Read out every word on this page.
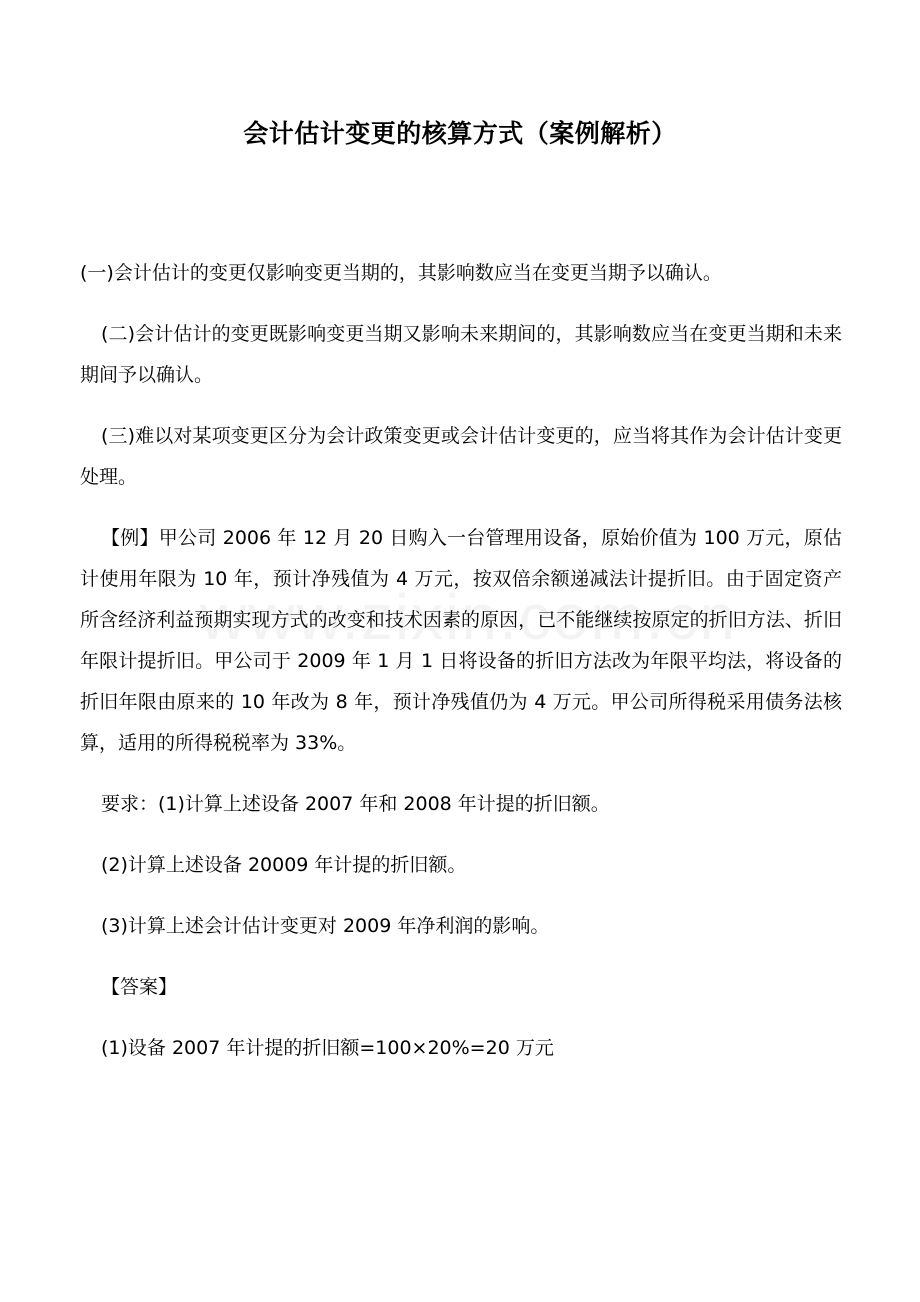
会计估计变更的核算方式（案例解析）

(一)会计估计的变更仅影响变更当期的，其影响数应当在变更当期予以确认。

(二)会计估计的变更既影响变更当期又影响未来期间的，其影响数应当在变更当期和未来期间予以确认。

(三)难以对某项变更区分为会计政策变更或会计估计变更的，应当将其作为会计估计变更处理。

【例】甲公司 2006 年 12 月 20 日购入一台管理用设备，原始价值为 100 万元，原估计使用年限为 10 年，预计净残值为 4 万元，按双倍余额递减法计提折旧。由于固定资产所含经济利益预期实现方式的改变和技术因素的原因，已不能继续按原定的折旧方法、折旧年限计提折旧。甲公司于 2009 年 1 月 1 日将设备的折旧方法改为年限平均法，将设备的折旧年限由原来的 10 年改为 8 年，预计净残值仍为 4 万元。甲公司所得税采用债务法核算，适用的所得税税率为 33%。

要求：(1)计算上述设备 2007 年和 2008 年计提的折旧额。

(2)计算上述设备 20009 年计提的折旧额。

(3)计算上述会计估计变更对 2009 年净利润的影响。

【答案】

(1)设备 2007 年计提的折旧额=100×20%=20 万元
